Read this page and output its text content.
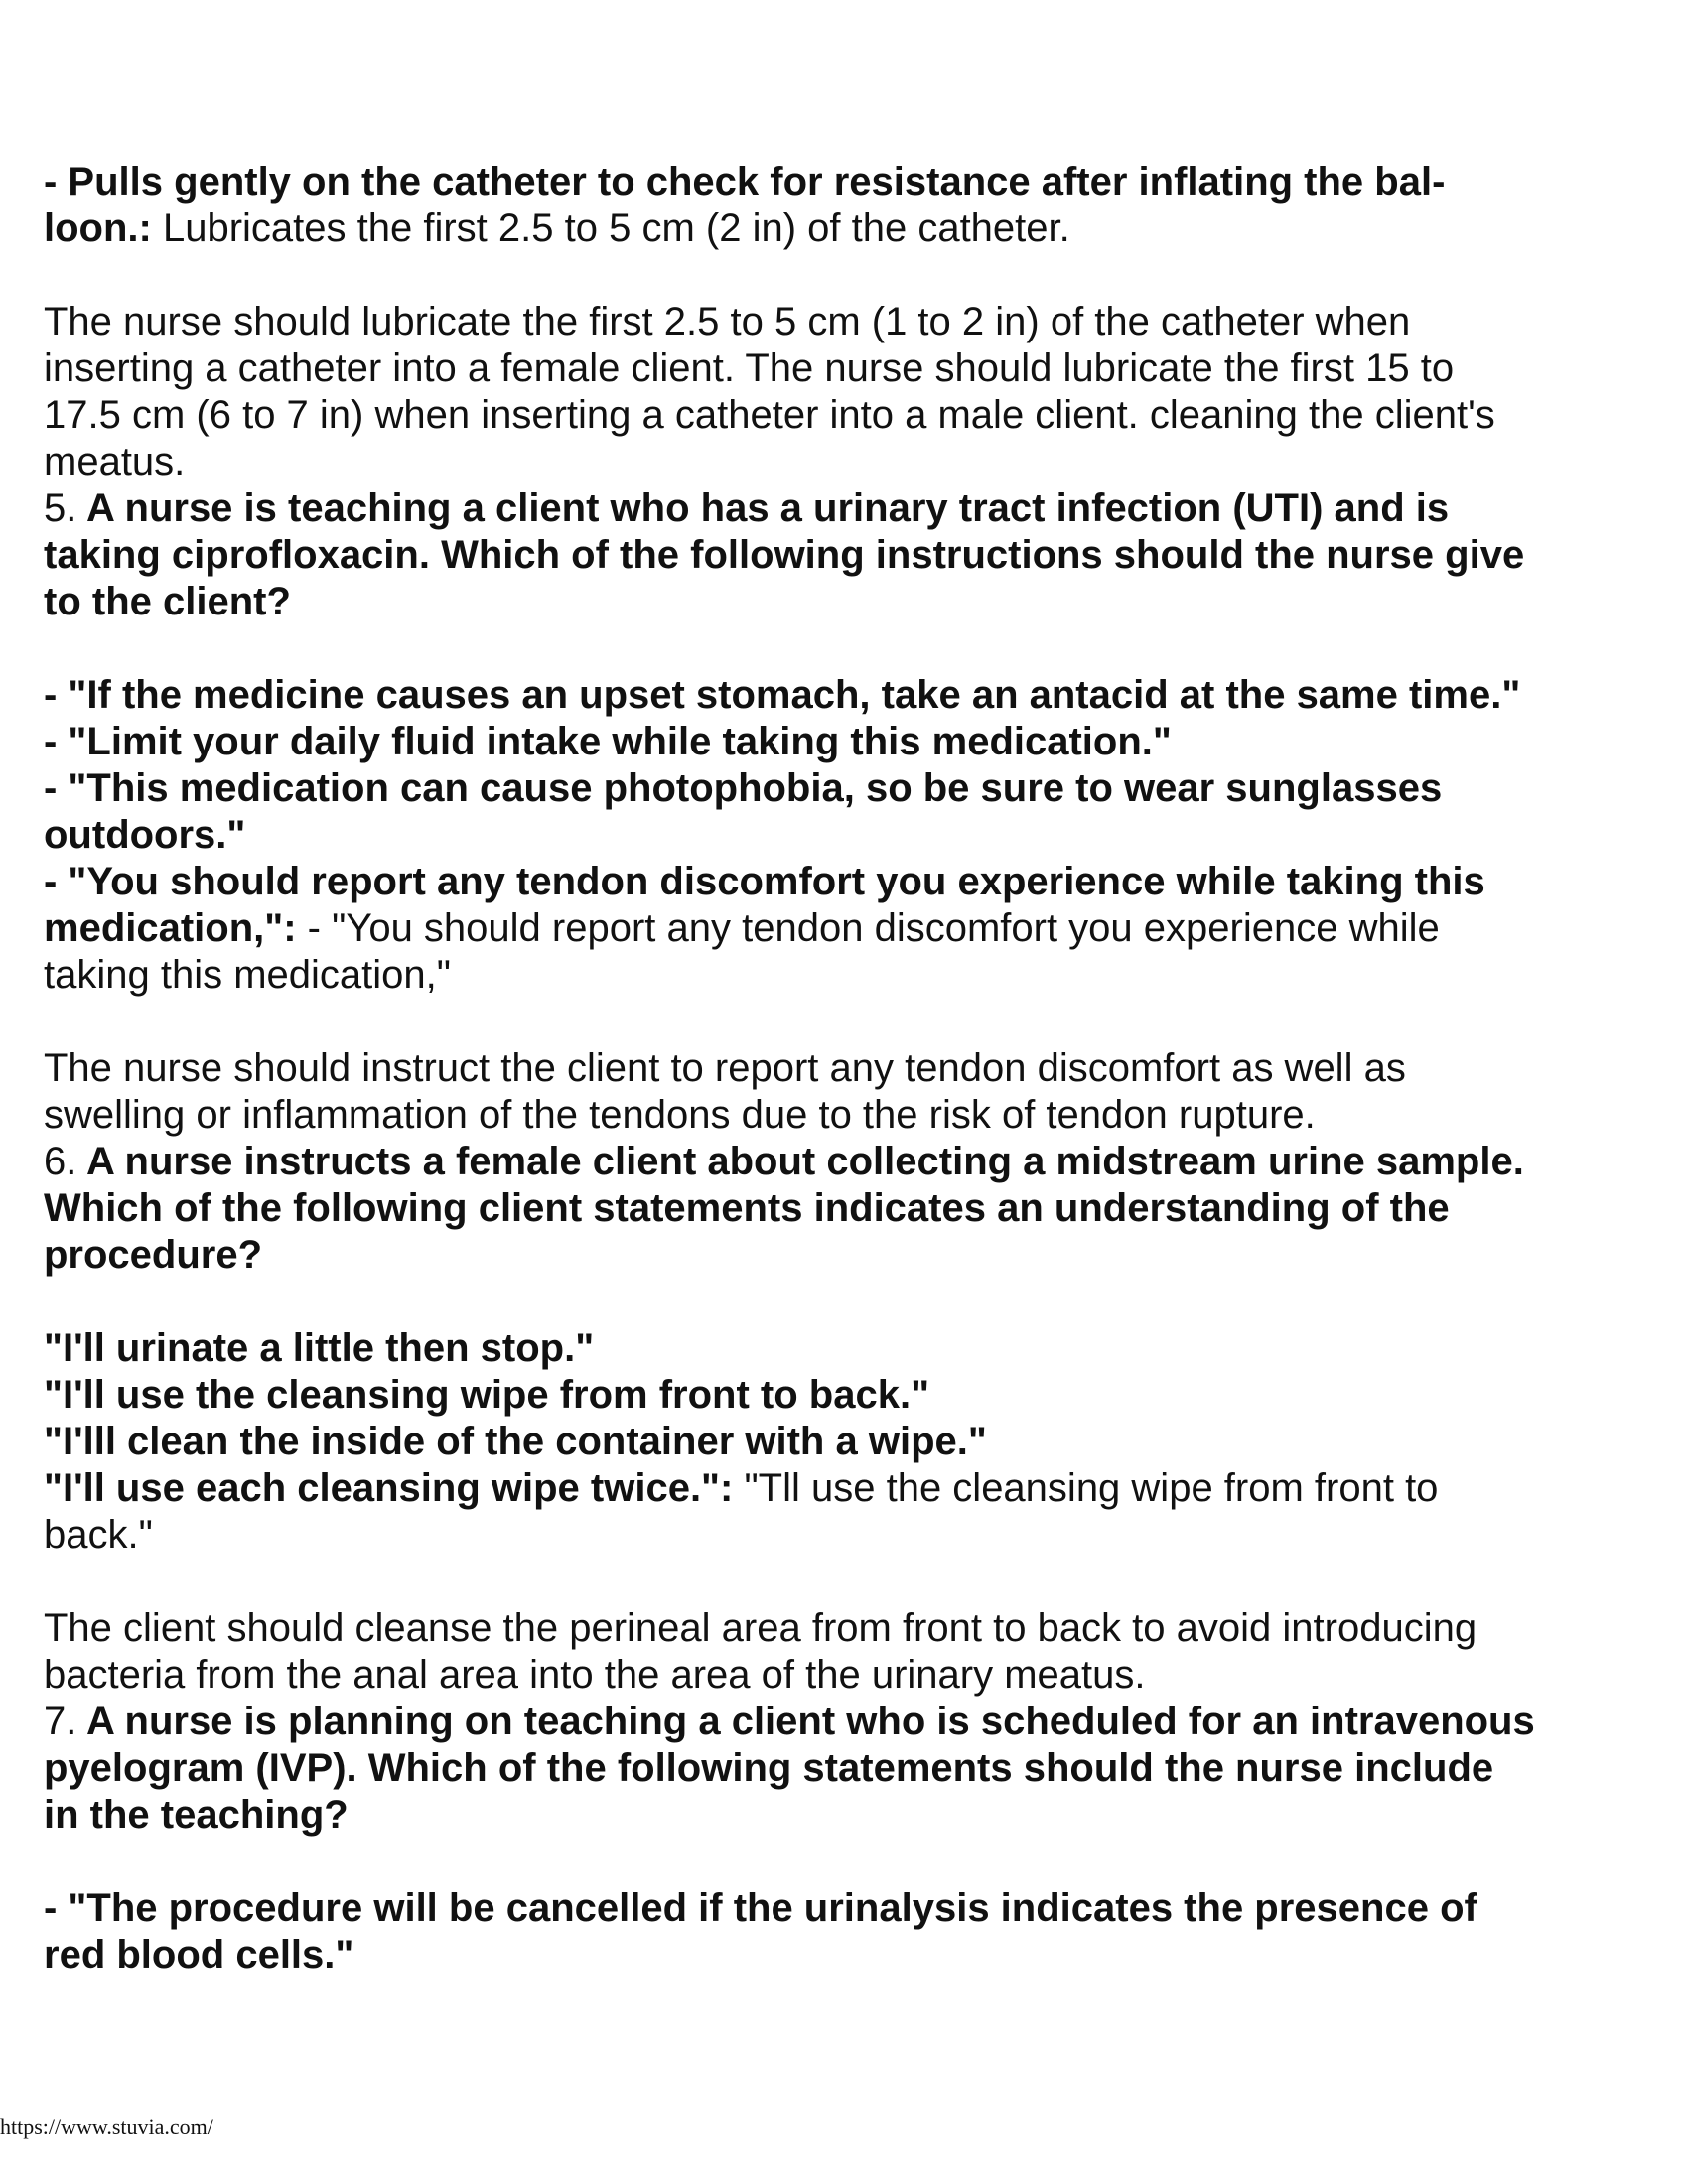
- Pulls gently on the catheter to check for resistance after inflating the bal-
loon.: Lubricates the first 2.5 to 5 cm (2 in) of the catheter.
The nurse should lubricate the first 2.5 to 5 cm (1 to 2 in) of the catheter when
inserting a catheter into a female client. The nurse should lubricate the first 15 to
17.5 cm (6 to 7 in) when inserting a catheter into a male client. cleaning the client's
meatus.
5. A nurse is teaching a client who has a urinary tract infection (UTI) and is
taking ciprofloxacin. Which of the following instructions should the nurse give
to the client?
- "If the medicine causes an upset stomach, take an antacid at the same time."
- "Limit your daily fluid intake while taking this medication."
- "This medication can cause photophobia, so be sure to wear sunglasses
outdoors."
- "You should report any tendon discomfort you experience while taking this
medication,": - "You should report any tendon discomfort you experience while
taking this medication,"
The nurse should instruct the client to report any tendon discomfort as well as
swelling or inflammation of the tendons due to the risk of tendon rupture.
6. A nurse instructs a female client about collecting a midstream urine sample.
Which of the following client statements indicates an understanding of the
procedure?
"I'll urinate a little then stop."
"I'll use the cleansing wipe from front to back."
"I'lll clean the inside of the container with a wipe."
"I'll use each cleansing wipe twice.": "Tll use the cleansing wipe from front to
back."
The client should cleanse the perineal area from front to back to avoid introducing
bacteria from the anal area into the area of the urinary meatus.
7. A nurse is planning on teaching a client who is scheduled for an intravenous
pyelogram (IVP). Which of the following statements should the nurse include
in the teaching?
- "The procedure will be cancelled if the urinalysis indicates the presence of
red blood cells."
https://www.stuvia.com/
